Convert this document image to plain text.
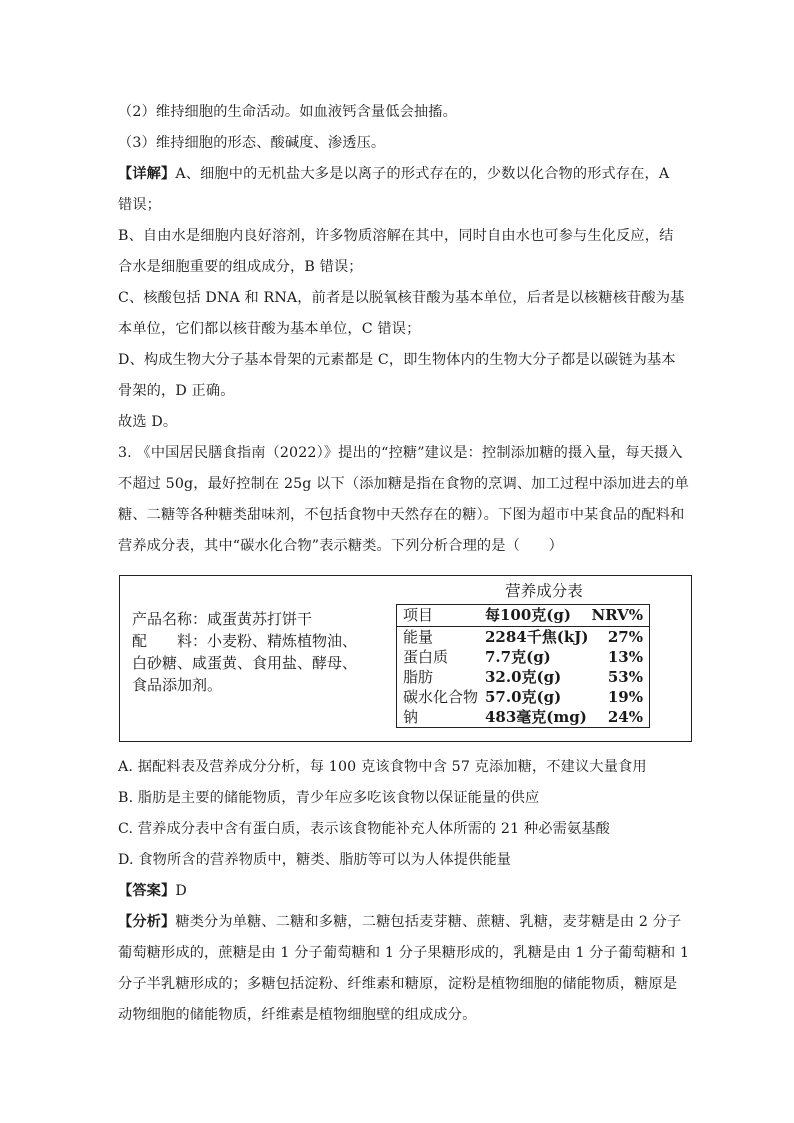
（2）维持细胞的生命活动。如血液钙含量低会抽搐。
（3）维持细胞的形态、酸碱度、渗透压。
【详解】A、细胞中的无机盐大多是以离子的形式存在的，少数以化合物的形式存在，A
错误；
B、自由水是细胞内良好溶剂，许多物质溶解在其中，同时自由水也可参与生化反应，结
合水是细胞重要的组成成分，B 错误；
C、核酸包括 DNA 和 RNA，前者是以脱氧核苷酸为基本单位，后者是以核糖核苷酸为基
本单位，它们都以核苷酸为基本单位，C 错误；
D、构成生物大分子基本骨架的元素都是 C，即生物体内的生物大分子都是以碳链为基本
骨架的，D 正确。
故选 D。
3. 《中国居民膳食指南（2022）》提出的“控糖”建议是：控制添加糖的摄入量，每天摄入
不超过 50g，最好控制在 25g 以下（添加糖是指在食物的烹调、加工过程中添加进去的单
糖、二糖等各种糖类甜味剂，不包括食物中天然存在的糖）。下图为超市中某食品的配料和
营养成分表，其中“碳水化合物”表示糖类。下列分析合理的是（　　）
产品名称：咸蛋黄苏打饼干
配　　料：小麦粉、精炼植物油、
白砂糖、咸蛋黄、食用盐、酵母、
食品添加剂。
营养成分表
项目	每100克(g) NRV%
能量	2284千焦(kJ) 27%
蛋白质 7.7克(g)	13%
脂肪	32.0克(g)	53%
碳水化合物 57.0克(g)	19%
钠	483毫克(mg) 24%
A. 据配料表及营养成分分析，每 100 克该食物中含 57 克添加糖，不建议大量食用
B. 脂肪是主要的储能物质，青少年应多吃该食物以保证能量的供应
C. 营养成分表中含有蛋白质，表示该食物能补充人体所需的 21 种必需氨基酸
D. 食物所含的营养物质中，糖类、脂肪等可以为人体提供能量
【答案】D
【分析】糖类分为单糖、二糖和多糖，二糖包括麦芽糖、蔗糖、乳糖，麦芽糖是由 2 分子
葡萄糖形成的，蔗糖是由 1 分子葡萄糖和 1 分子果糖形成的，乳糖是由 1 分子葡萄糖和 1
分子半乳糖形成的；多糖包括淀粉、纤维素和糖原，淀粉是植物细胞的储能物质，糖原是
动物细胞的储能物质，纤维素是植物细胞壁的组成成分。
